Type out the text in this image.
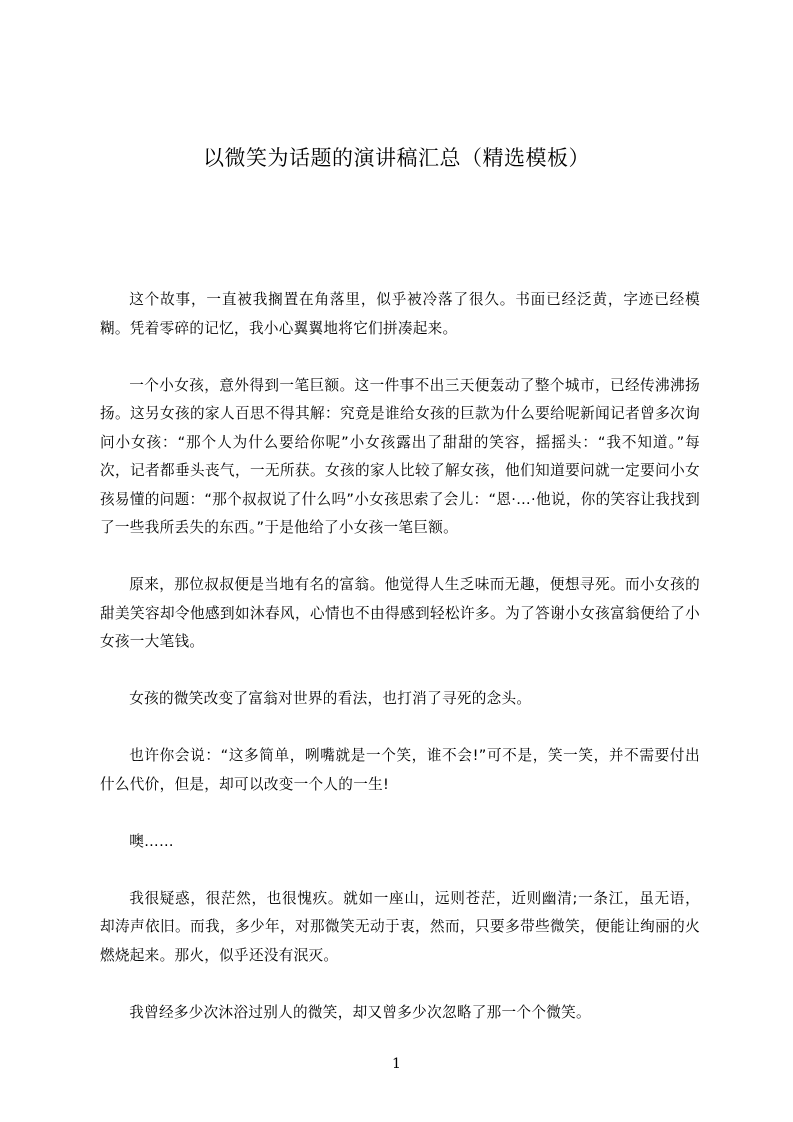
以微笑为话题的演讲稿汇总（精选模板）

这个故事，一直被我搁置在角落里，似乎被冷落了很久。书面已经泛黄，字迹已经模糊。凭着零碎的记忆，我小心翼翼地将它们拼凑起来。

一个小女孩，意外得到一笔巨额。这一件事不出三天便轰动了整个城市，已经传沸沸扬扬。这另女孩的家人百思不得其解：究竟是谁给女孩的巨款为什么要给呢新闻记者曾多次询问小女孩：“那个人为什么要给你呢”小女孩露出了甜甜的笑容，摇摇头：“我不知道。”每次，记者都垂头丧气，一无所获。女孩的家人比较了解女孩，他们知道要问就一定要问小女孩易懂的问题：“那个叔叔说了什么吗”小女孩思索了会儿：“恩·…·他说，你的笑容让我找到了一些我所丢失的东西。”于是他给了小女孩一笔巨额。

原来，那位叔叔便是当地有名的富翁。他觉得人生乏味而无趣，便想寻死。而小女孩的甜美笑容却令他感到如沐春风，心情也不由得感到轻松许多。为了答谢小女孩富翁便给了小女孩一大笔钱。

女孩的微笑改变了富翁对世界的看法，也打消了寻死的念头。

也许你会说：“这多简单，咧嘴就是一个笑，谁不会!”可不是，笑一笑，并不需要付出什么代价，但是，却可以改变一个人的一生!

噢……

我很疑惑，很茫然，也很愧疚。就如一座山，远则苍茫，近则幽清;一条江，虽无语，却涛声依旧。而我，多少年，对那微笑无动于衷，然而，只要多带些微笑，便能让绚丽的火燃烧起来。那火，似乎还没有泯灭。

我曾经多少次沐浴过别人的微笑，却又曾多少次忽略了那一个个微笑。

1
